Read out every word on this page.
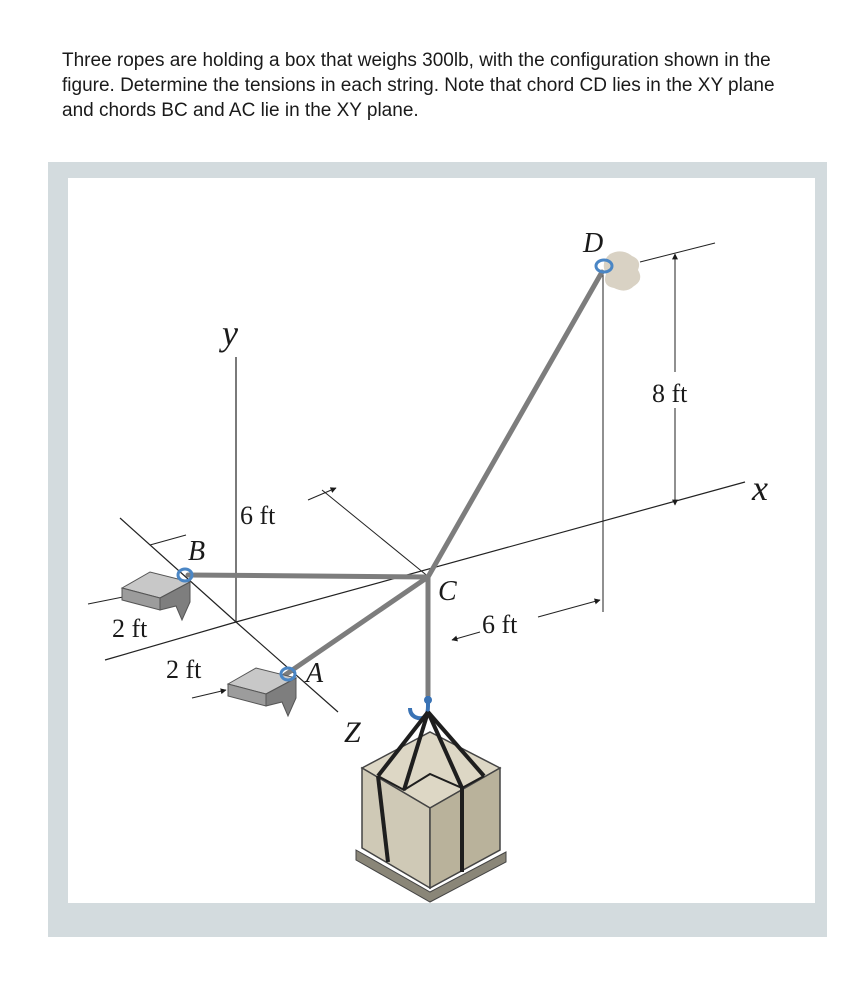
Three ropes are holding a box that weighs 300lb, with the configuration shown in the figure. Determine the tensions in each string. Note that chord CD lies in the XY plane and chords BC and AC lie in the XY plane.

8 ft
6 ft
6 ft
2 ft
2 ft
D
B
C
A
y
x
Z
